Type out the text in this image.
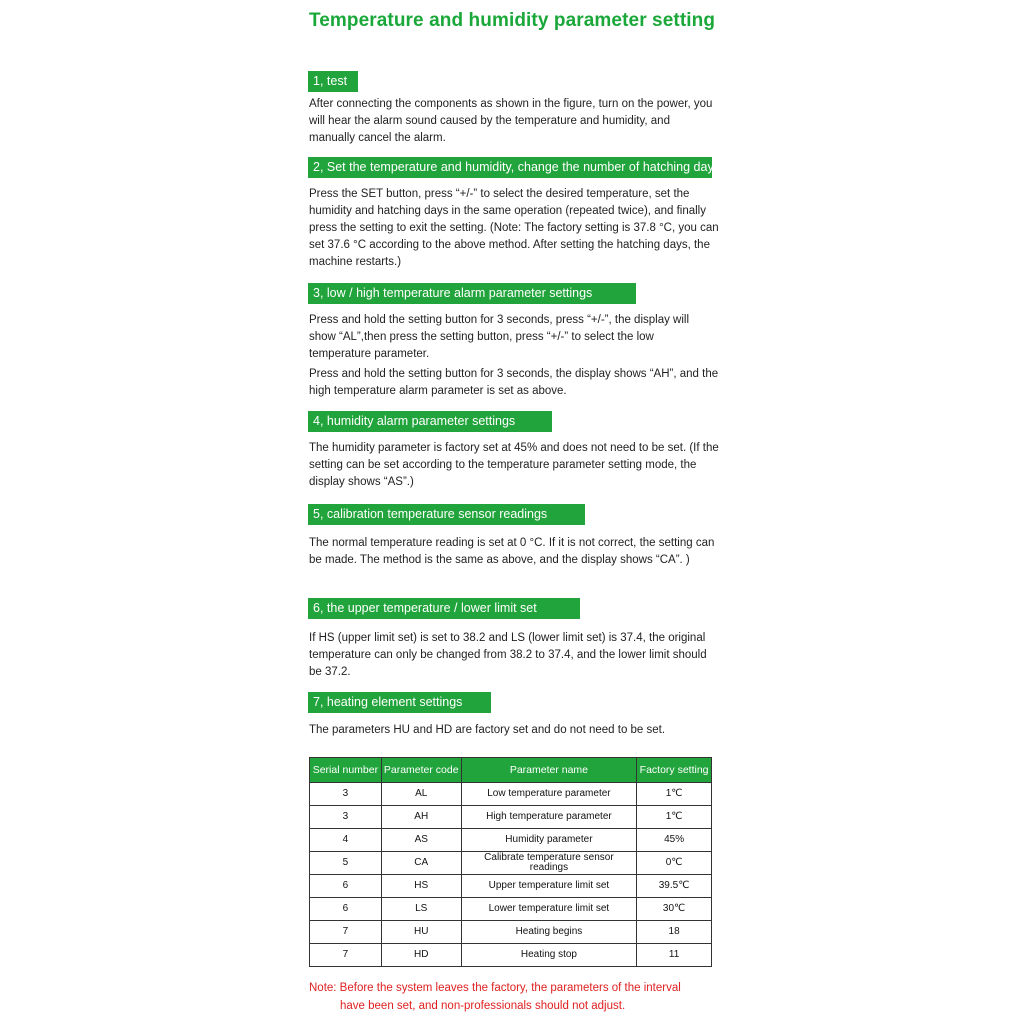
Temperature and humidity parameter setting
1, test
After connecting the components as shown in the figure, turn on the power, you will hear the alarm sound caused by the temperature and humidity, and manually cancel the alarm.
2, Set the temperature and humidity, change the number of hatching days
Press the SET button, press “+/-” to select the desired temperature, set the humidity and hatching days in the same operation (repeated twice), and finally press the setting to exit the setting. (Note: The factory setting is 37.8 °C, you can set 37.6 °C according to the above method. After setting the hatching days, the machine restarts.)
3, low / high temperature alarm parameter settings
Press and hold the setting button for 3 seconds, press “+/-”, the display will show “AL”,then press the setting button, press “+/-” to select the low temperature parameter.
Press and hold the setting button for 3 seconds, the display shows “AH”, and the high temperature alarm parameter is set as above.
4, humidity alarm parameter settings
The humidity parameter is factory set at 45% and does not need to be set. (If the setting can be set according to the temperature parameter setting mode, the display shows “AS”.)
5, calibration temperature sensor readings
The normal temperature reading is set at 0 °C. If it is not correct, the setting can be made. The method is the same as above, and the display shows “CA”. )
6, the upper temperature / lower limit set
If HS (upper limit set) is set to 38.2 and LS (lower limit set) is 37.4, the original temperature can only be changed from 38.2 to 37.4, and the lower limit should be 37.2.
7, heating element settings
The parameters HU and HD are factory set and do not need to be set.
Serial number	Parameter code	Parameter name	Factory setting
3	AL	Low temperature parameter	1℃
3	AH	High temperature parameter	1℃
4	AS	Humidity parameter	45%
5	CA	Calibrate temperature sensor readings	0℃
6	HS	Upper temperature limit set	39.5℃
6	LS	Lower temperature limit set	30℃
7	HU	Heating begins	18
7	HD	Heating stop	11
Note: Before the system leaves the factory, the parameters of the interval
have been set, and non-professionals should not adjust.
